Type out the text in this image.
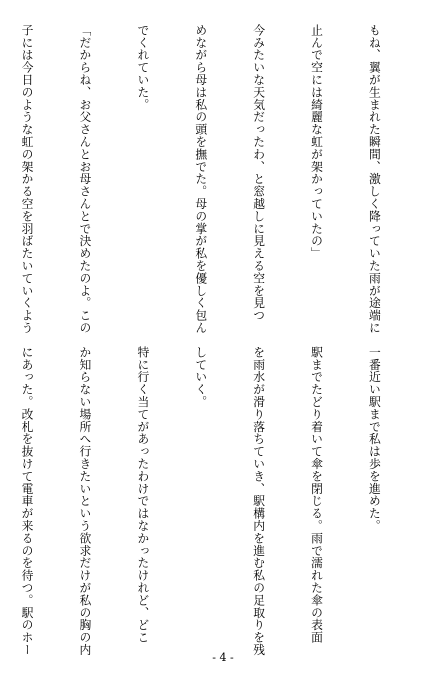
もね、翼が生まれた瞬間、激しく降っていた雨が途端に

止んで空には綺麗な虹が架かっていたの」

今みたいな天気だったわ、と窓越しに見える空を見つ

めながら母は私の頭を撫でた。母の掌が私を優しく包ん

でくれていた。

「だからね、お父さんとお母さんとで決めたのよ。この

子には今日のような虹の架かる空を羽ばたいていくよう

一番近い駅まで私は歩を進めた。

駅までたどり着いて傘を閉じる。雨で濡れた傘の表面

を雨水が滑り落ちていき、駅構内を進む私の足取りを残

していく。

特に行く当てがあったわけではなかったけれど、どこ

か知らない場所へ行きたいという欲求だけが私の胸の内

にあった。改札を抜けて電車が来るのを待つ。駅のホー

- 4 -
